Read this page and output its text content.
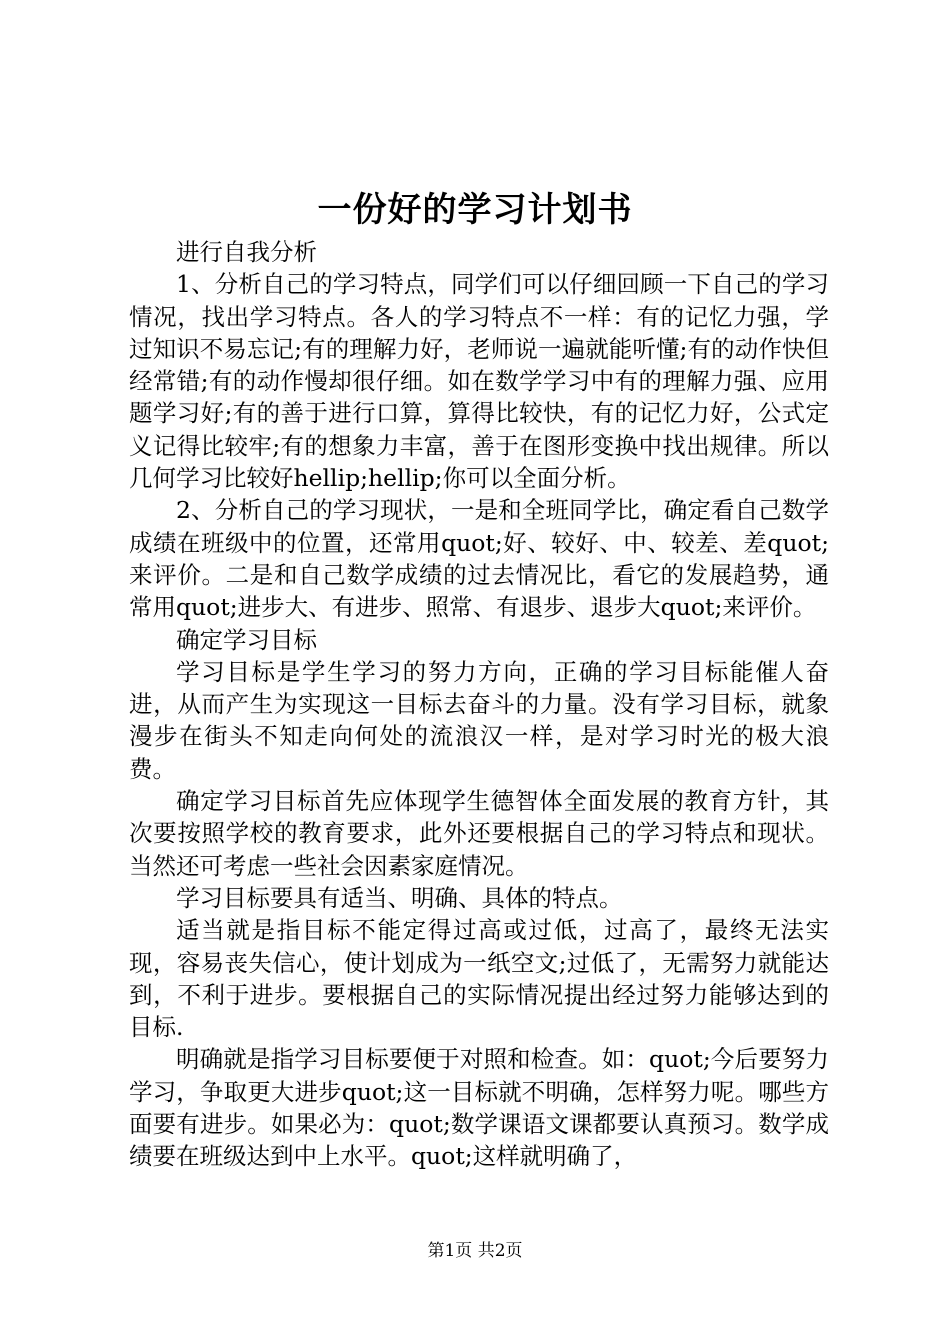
一份好的学习计划书

进行自我分析

1、分析自己的学习特点，同学们可以仔细回顾一下自己的学习情况，找出学习特点。各人的学习特点不一样：有的记忆力强，学过知识不易忘记;有的理解力好，老师说一遍就能听懂;有的动作快但经常错;有的动作慢却很仔细。如在数学学习中有的理解力强、应用题学习好;有的善于进行口算，算得比较快，有的记忆力好，公式定义记得比较牢;有的想象力丰富，善于在图形变换中找出规律。所以几何学习比较好hellip;hellip;你可以全面分析。

2、分析自己的学习现状，一是和全班同学比，确定看自己数学成绩在班级中的位置，还常用quot;好、较好、中、较差、差quot;来评价。二是和自己数学成绩的过去情况比，看它的发展趋势，通常用quot;进步大、有进步、照常、有退步、退步大quot;来评价。

确定学习目标

学习目标是学生学习的努力方向，正确的学习目标能催人奋进，从而产生为实现这一目标去奋斗的力量。没有学习目标，就象漫步在街头不知走向何处的流浪汉一样，是对学习时光的极大浪费。

确定学习目标首先应体现学生德智体全面发展的教育方针，其次要按照学校的教育要求，此外还要根据自己的学习特点和现状。当然还可考虑一些社会因素家庭情况。

学习目标要具有适当、明确、具体的特点。

适当就是指目标不能定得过高或过低，过高了，最终无法实现，容易丧失信心，使计划成为一纸空文;过低了，无需努力就能达到，不利于进步。要根据自己的实际情况提出经过努力能够达到的目标.

明确就是指学习目标要便于对照和检查。如：quot;今后要努力学习，争取更大进步quot;这一目标就不明确，怎样努力呢。哪些方面要有进步。如果必为：quot;数学课语文课都要认真预习。数学成绩要在班级达到中上水平。quot;这样就明确了，

第1页 共2页
